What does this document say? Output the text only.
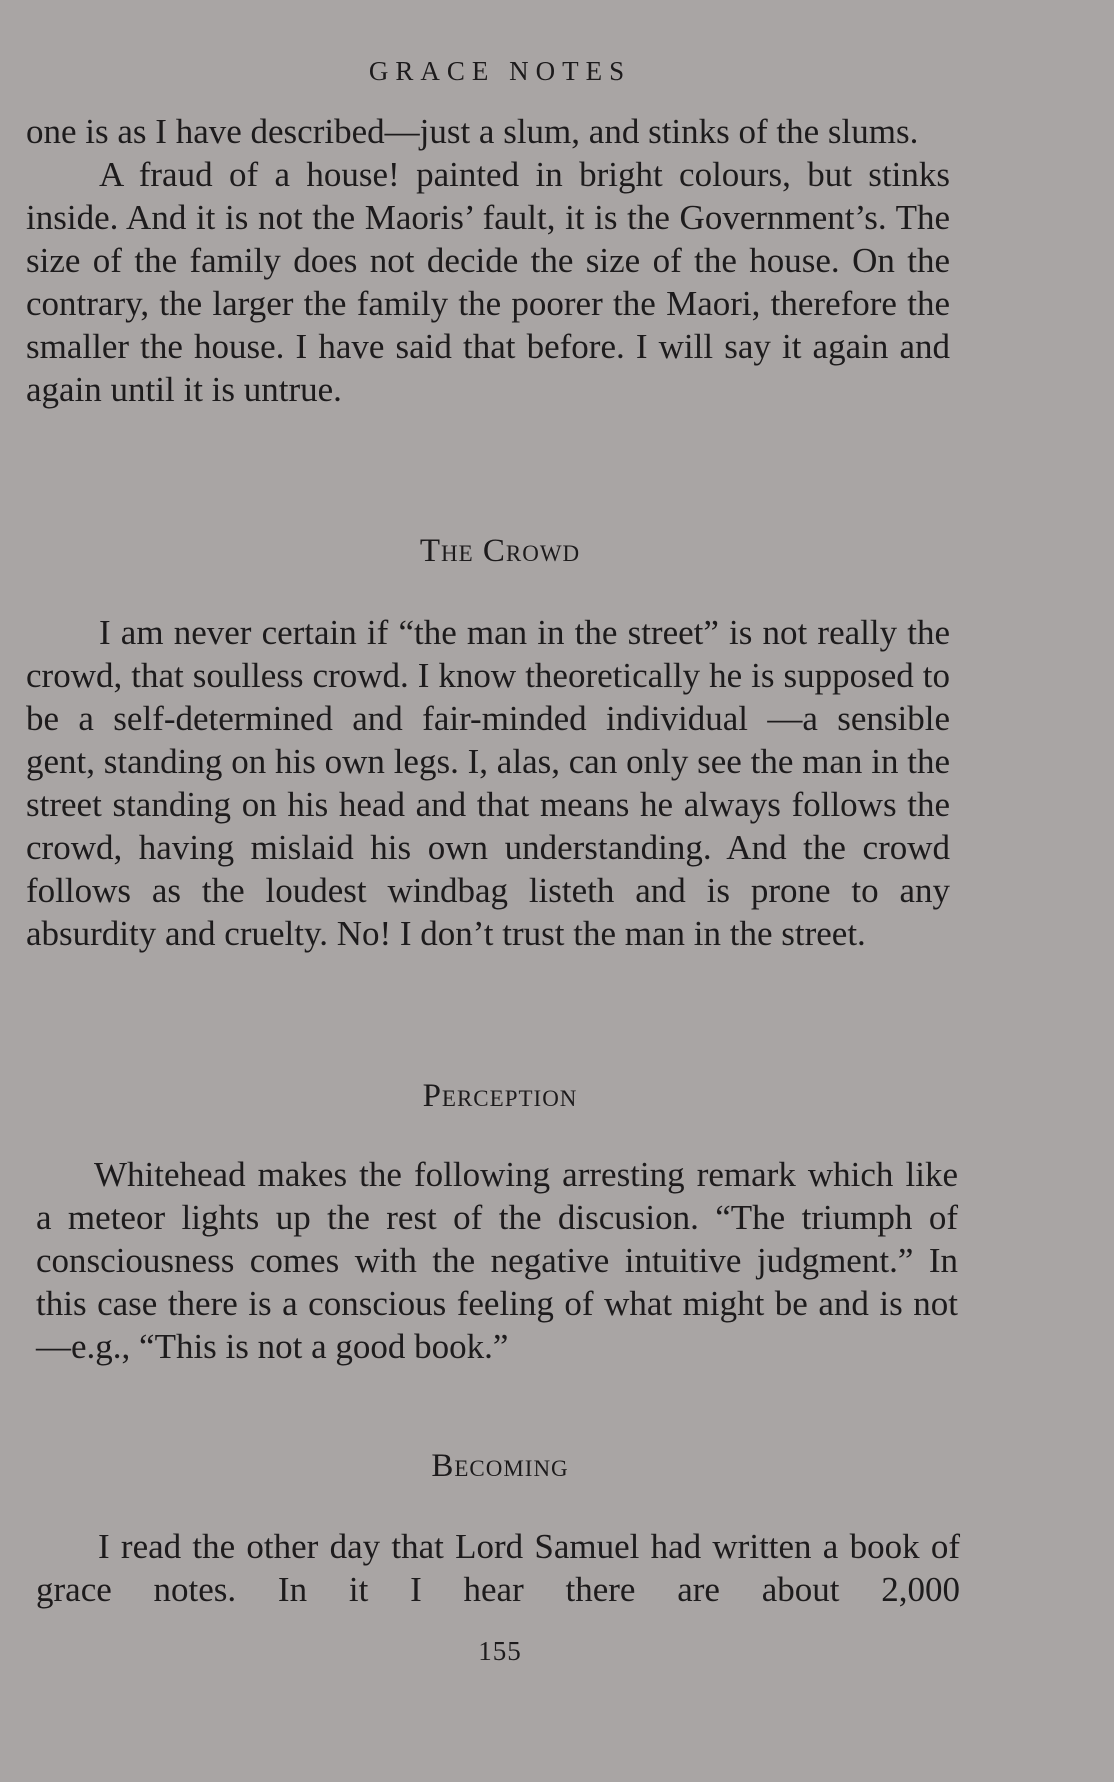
GRACE NOTES

one is as I have described—just a slum, and stinks of the slums.

A fraud of a house! painted in bright colours, but stinks inside. And it is not the Maoris’ fault, it is the Government’s. The size of the family does not decide the size of the house. On the contrary, the larger the family the poorer the Maori, therefore the smaller the house. I have said that before. I will say it again and again until it is untrue.

The Crowd

I am never certain if “the man in the street” is not really the crowd, that soulless crowd. I know theoretically he is supposed to be a self-determined and fair-minded individual —a sensible gent, standing on his own legs. I, alas, can only see the man in the street standing on his head and that means he always follows the crowd, having mislaid his own understanding. And the crowd follows as the loudest windbag listeth and is prone to any absurdity and cruelty. No! I don’t trust the man in the street.

Perception

Whitehead makes the following arresting remark which like a meteor lights up the rest of the discusion. “The triumph of consciousness comes with the negative intuitive judgment.” In this case there is a conscious feeling of what might be and is not—e.g., “This is not a good book.”

Becoming

I read the other day that Lord Samuel had written a book of grace notes. In it I hear there are about 2,000

155
